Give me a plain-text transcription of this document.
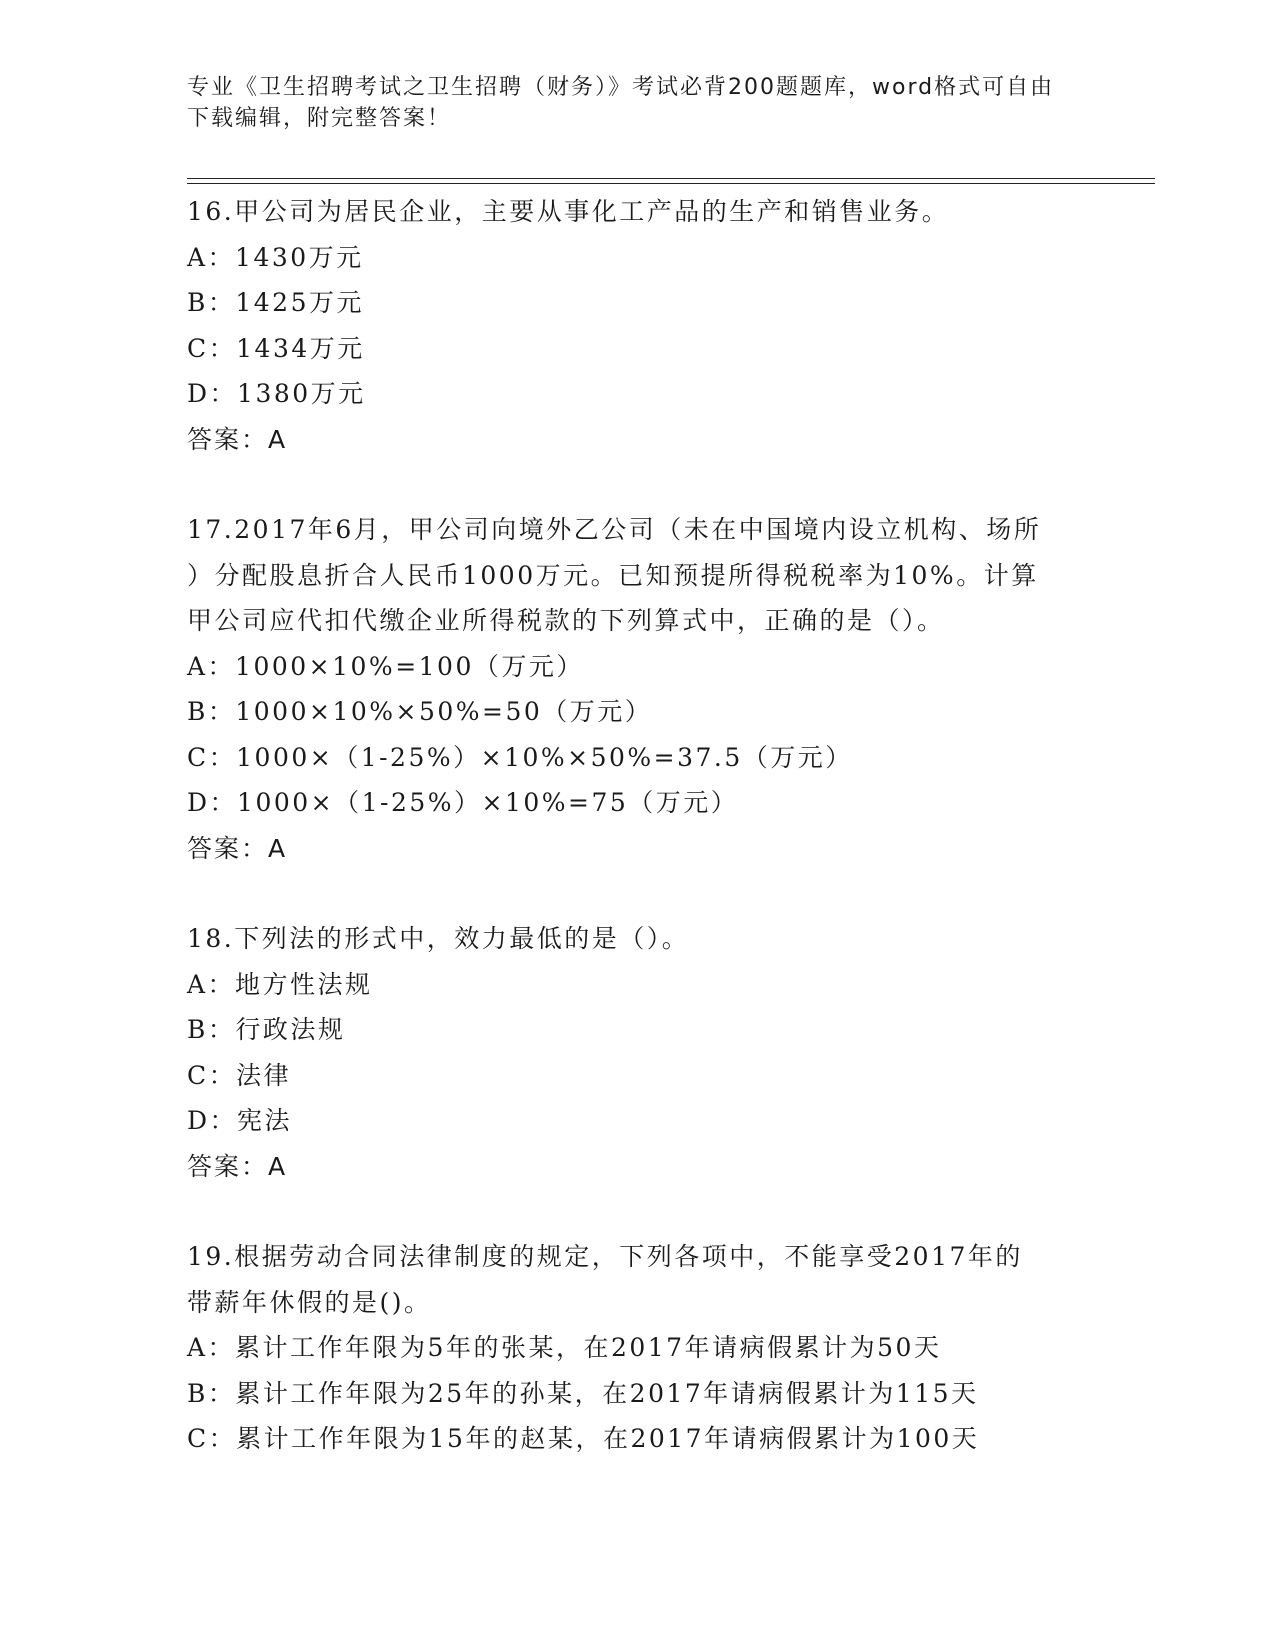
专业《卫生招聘考试之卫生招聘（财务）》考试必背200题题库，word格式可自由下载编辑，附完整答案！
16.甲公司为居民企业，主要从事化工产品的生产和销售业务。
A：1430万元
B：1425万元
C：1434万元
D：1380万元
答案：A
17.2017年6月，甲公司向境外乙公司（未在中国境内设立机构、场所
）分配股息折合人民币1000万元。已知预提所得税税率为10%。计算
甲公司应代扣代缴企业所得税款的下列算式中，正确的是（）。
A：1000×10%=100（万元）
B：1000×10%×50%=50（万元）
C：1000×（1-25%）×10%×50%=37.5（万元）
D：1000×（1-25%）×10%=75（万元）
答案：A
18.下列法的形式中，效力最低的是（）。
A：地方性法规
B：行政法规
C：法律
D：宪法
答案：A
19.根据劳动合同法律制度的规定，下列各项中，不能享受2017年的
带薪年休假的是()。
A：累计工作年限为5年的张某，在2017年请病假累计为50天
B：累计工作年限为25年的孙某，在2017年请病假累计为115天
C：累计工作年限为15年的赵某，在2017年请病假累计为100天
